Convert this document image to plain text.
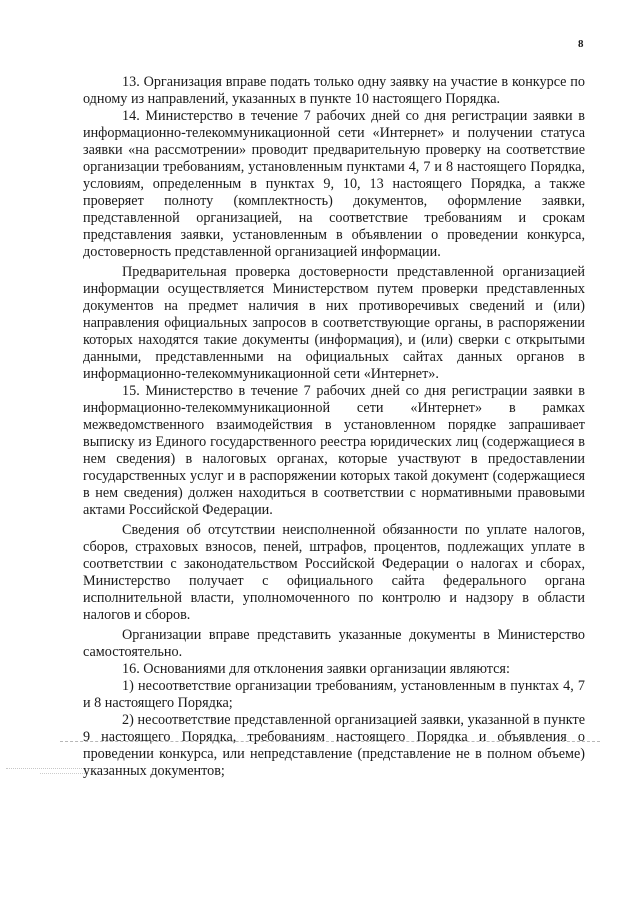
8

13. Организация вправе подать только одну заявку на участие в конкурсе по одному из направлений, указанных в пункте 10 настоящего Порядка.

14. Министерство в течение 7 рабочих дней со дня регистрации заявки в информационно-телекоммуникационной сети «Интернет» и получении статуса заявки «на рассмотрении» проводит предварительную проверку на соответствие организации требованиям, установленным пунктами 4, 7 и 8 настоящего Порядка, условиям, определенным в пунктах 9, 10, 13 настоящего Порядка, а также проверяет полноту (комплектность) документов, оформление заявки, представленной организацией, на соответствие требованиям и срокам представления заявки, установленным в объявлении о проведении конкурса, достоверность представленной организацией информации.

Предварительная проверка достоверности представленной организацией информации осуществляется Министерством путем проверки представленных документов на предмет наличия в них противоречивых сведений и (или) направления официальных запросов в соответствующие органы, в распоряжении которых находятся такие документы (информация), и (или) сверки с открытыми данными, представленными на официальных сайтах данных органов в информационно-телекоммуникационной сети «Интернет».

15. Министерство в течение 7 рабочих дней со дня регистрации заявки в информационно-телекоммуникационной сети «Интернет» в рамках межведомственного взаимодействия в установленном порядке запрашивает выписку из Единого государственного реестра юридических лиц (содержащиеся в нем сведения) в налоговых органах, которые участвуют в предоставлении государственных услуг и в распоряжении которых такой документ (содержащиеся в нем сведения) должен находиться в соответствии с нормативными правовыми актами Российской Федерации.

Сведения об отсутствии неисполненной обязанности по уплате налогов, сборов, страховых взносов, пеней, штрафов, процентов, подлежащих уплате в соответствии с законодательством Российской Федерации о налогах и сборах, Министерство получает с официального сайта федерального органа исполнительной власти, уполномоченного по контролю и надзору в области налогов и сборов.

Организации вправе представить указанные документы в Министерство самостоятельно.

16. Основаниями для отклонения заявки организации являются:

1) несоответствие организации требованиям, установленным в пунктах 4, 7 и 8 настоящего Порядка;

2) несоответствие представленной организацией заявки, указанной в пункте 9 настоящего Порядка, требованиям настоящего Порядка и объявления о проведении конкурса, или непредставление (представление не в полном объеме) указанных документов;
